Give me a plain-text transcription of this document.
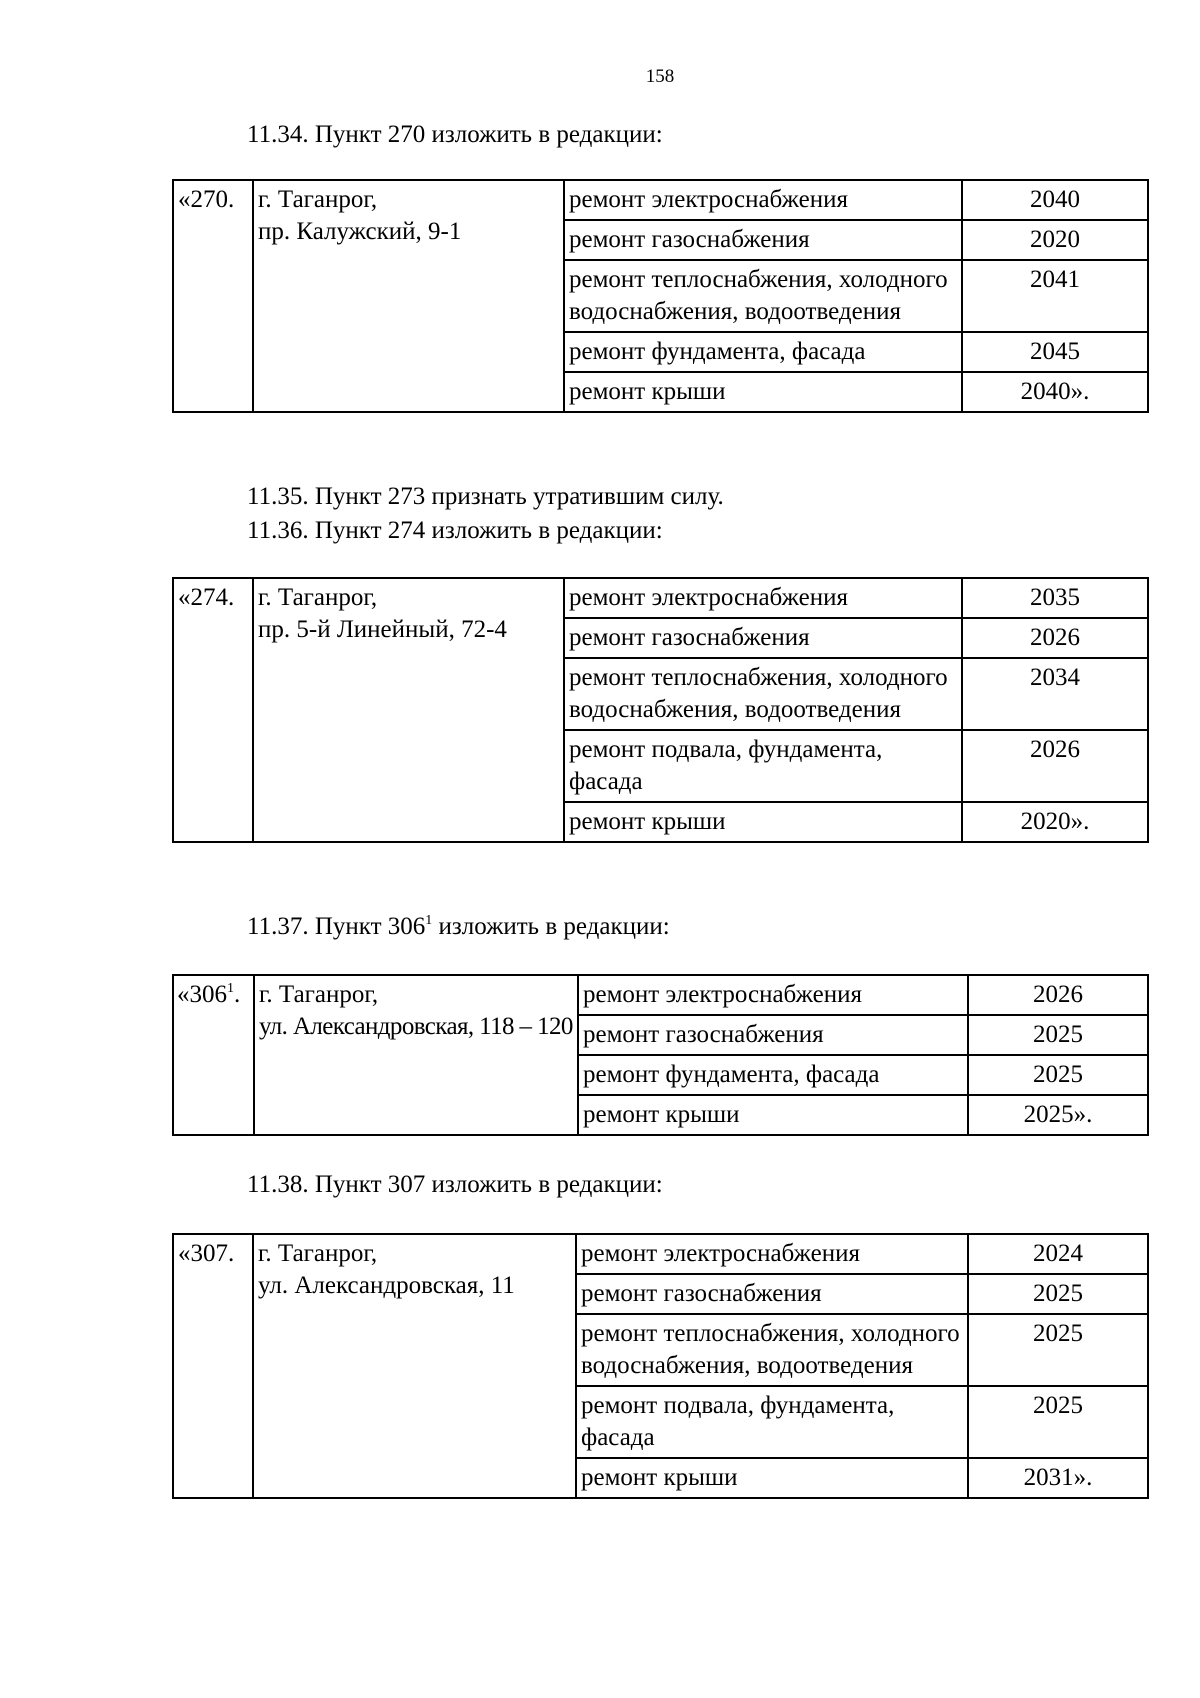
158
11.34. Пункт 270 изложить в редакции:
«270.	г. Таганрог,
пр. Калужский, 9-1	ремонт электроснабжения	2040
		ремонт газоснабжения	2020
		ремонт теплоснабжения, холодного водоснабжения, водоотведения	2041
		ремонт фундамента, фасада	2045
		ремонт крыши	2040».
11.35. Пункт 273 признать утратившим силу.
11.36. Пункт 274 изложить в редакции:
«274.	г. Таганрог,
пр. 5-й Линейный, 72-4	ремонт электроснабжения	2035
		ремонт газоснабжения	2026
		ремонт теплоснабжения, холодного водоснабжения, водоотведения	2034
		ремонт подвала, фундамента, фасада	2026
		ремонт крыши	2020».
11.37. Пункт $306^1$ изложить в редакции:
«$306^1$.	г. Таганрог,
ул. Александровская, 118 – 120	ремонт электроснабжения	2026
		ремонт газоснабжения	2025
		ремонт фундамента, фасада	2025
		ремонт крыши	2025».
11.38. Пункт 307 изложить в редакции:
«307.	г. Таганрог,
ул. Александровская, 11	ремонт электроснабжения	2024
		ремонт газоснабжения	2025
		ремонт теплоснабжения, холодного водоснабжения, водоотведения	2025
		ремонт подвала, фундамента, фасада	2025
		ремонт крыши	2031».
